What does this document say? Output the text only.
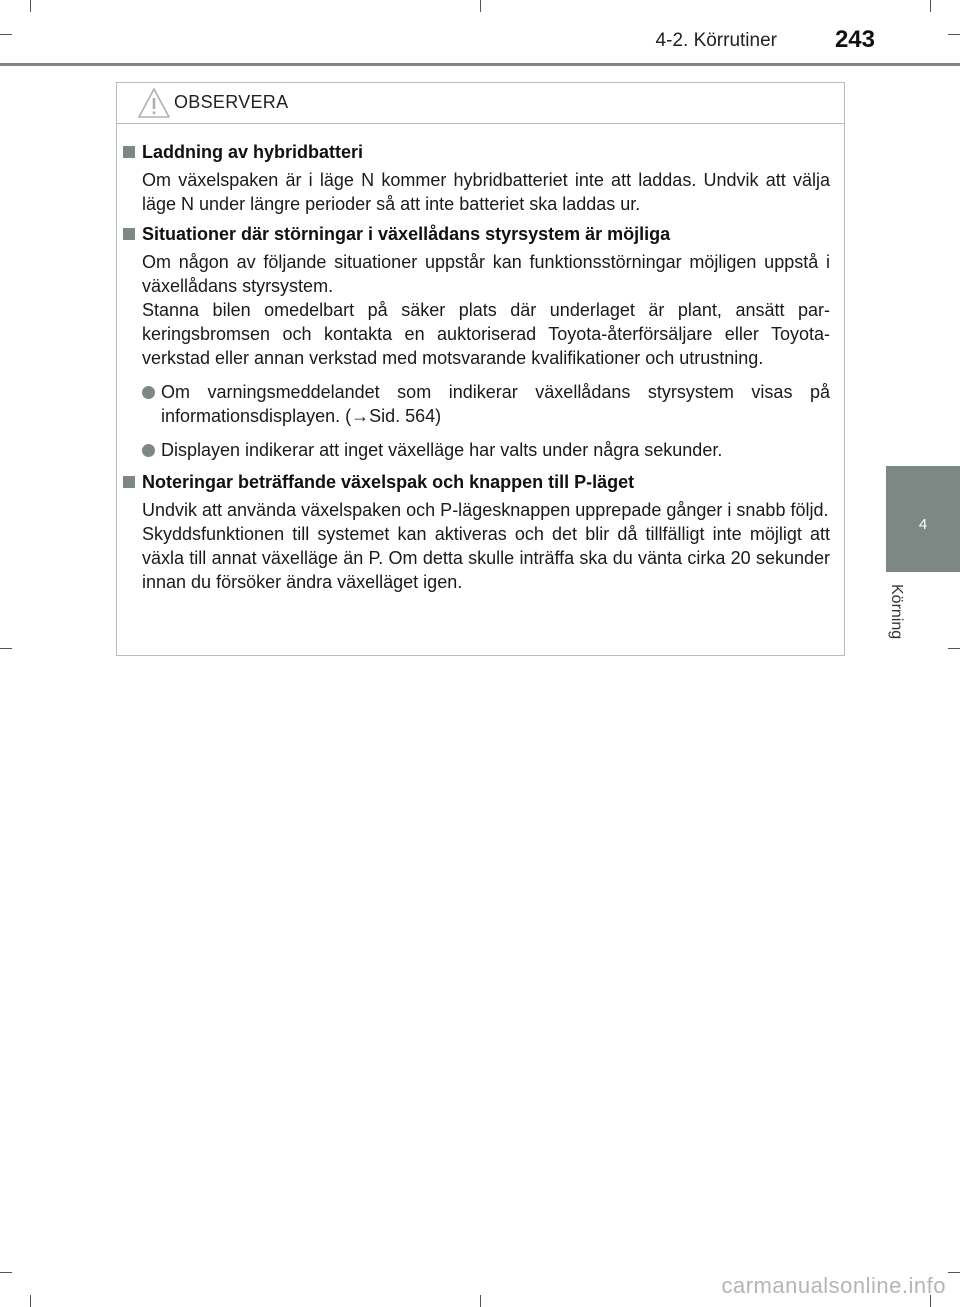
4-2. Körrutiner 243
4
Körning
OBSERVERA
Laddning av hybridbatteri
Om växelspaken är i läge N kommer hybridbatteriet inte att laddas. Undvik att välja läge N under längre perioder så att inte batteriet ska laddas ur.
Situationer där störningar i växellådans styrsystem är möjliga
Om någon av följande situationer uppstår kan funktionsstörningar möjligen uppstå i växellådans styrsystem.
Stanna bilen omedelbart på säker plats där underlaget är plant, ansätt par-keringsbromsen och kontakta en auktoriserad Toyota-återförsäljare eller Toyota-verkstad eller annan verkstad med motsvarande kvalifikationer och utrustning.
Om varningsmeddelandet som indikerar växellådans styrsystem visas på informationsdisplayen. (→Sid. 564)
Displayen indikerar att inget växelläge har valts under några sekunder.
Noteringar beträffande växelspak och knappen till P-läget
Undvik att använda växelspaken och P-lägesknappen upprepade gånger i snabb följd.
Skyddsfunktionen till systemet kan aktiveras och det blir då tillfälligt inte möjligt att växla till annat växelläge än P. Om detta skulle inträffa ska du vänta cirka 20 sekunder innan du försöker ändra växelläget igen.
carmanualsonline.info
